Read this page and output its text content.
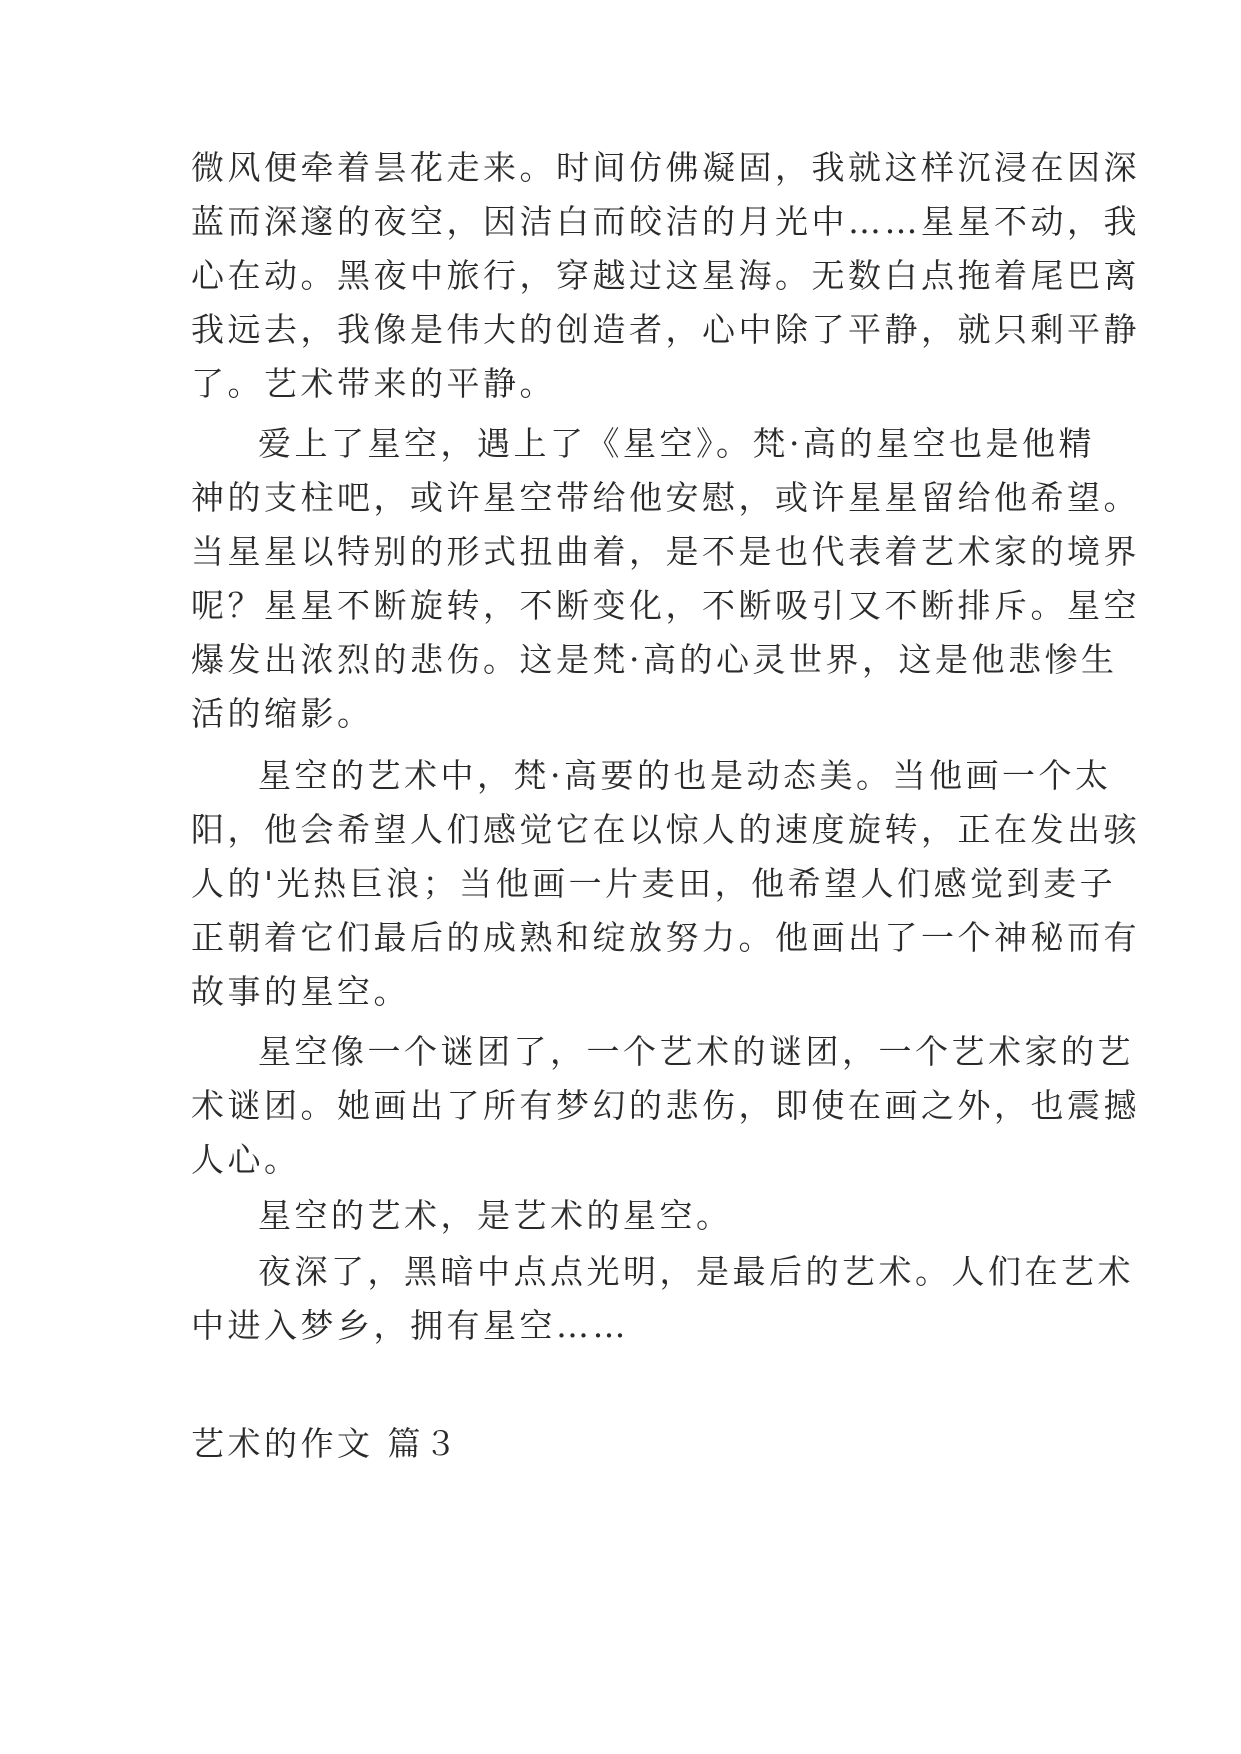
微风便牵着昙花走来。时间仿佛凝固，我就这样沉浸在因深
蓝而深邃的夜空，因洁白而皎洁的月光中……星星不动，我
心在动。黑夜中旅行，穿越过这星海。无数白点拖着尾巴离
我远去，我像是伟大的创造者，心中除了平静，就只剩平静
了。艺术带来的平静。
爱上了星空，遇上了《星空》。梵·高的星空也是他精
神的支柱吧，或许星空带给他安慰，或许星星留给他希望。
当星星以特别的形式扭曲着，是不是也代表着艺术家的境界
呢？星星不断旋转，不断变化，不断吸引又不断排斥。星空
爆发出浓烈的悲伤。这是梵·高的心灵世界，这是他悲惨生
活的缩影。
星空的艺术中，梵·高要的也是动态美。当他画一个太
阳，他会希望人们感觉它在以惊人的速度旋转，正在发出骇
人的'光热巨浪；当他画一片麦田，他希望人们感觉到麦子
正朝着它们最后的成熟和绽放努力。他画出了一个神秘而有
故事的星空。
星空像一个谜团了，一个艺术的谜团，一个艺术家的艺
术谜团。她画出了所有梦幻的悲伤，即使在画之外，也震撼
人心。
星空的艺术，是艺术的星空。
夜深了，黑暗中点点光明，是最后的艺术。人们在艺术
中进入梦乡，拥有星空……
艺术的作文 篇３
